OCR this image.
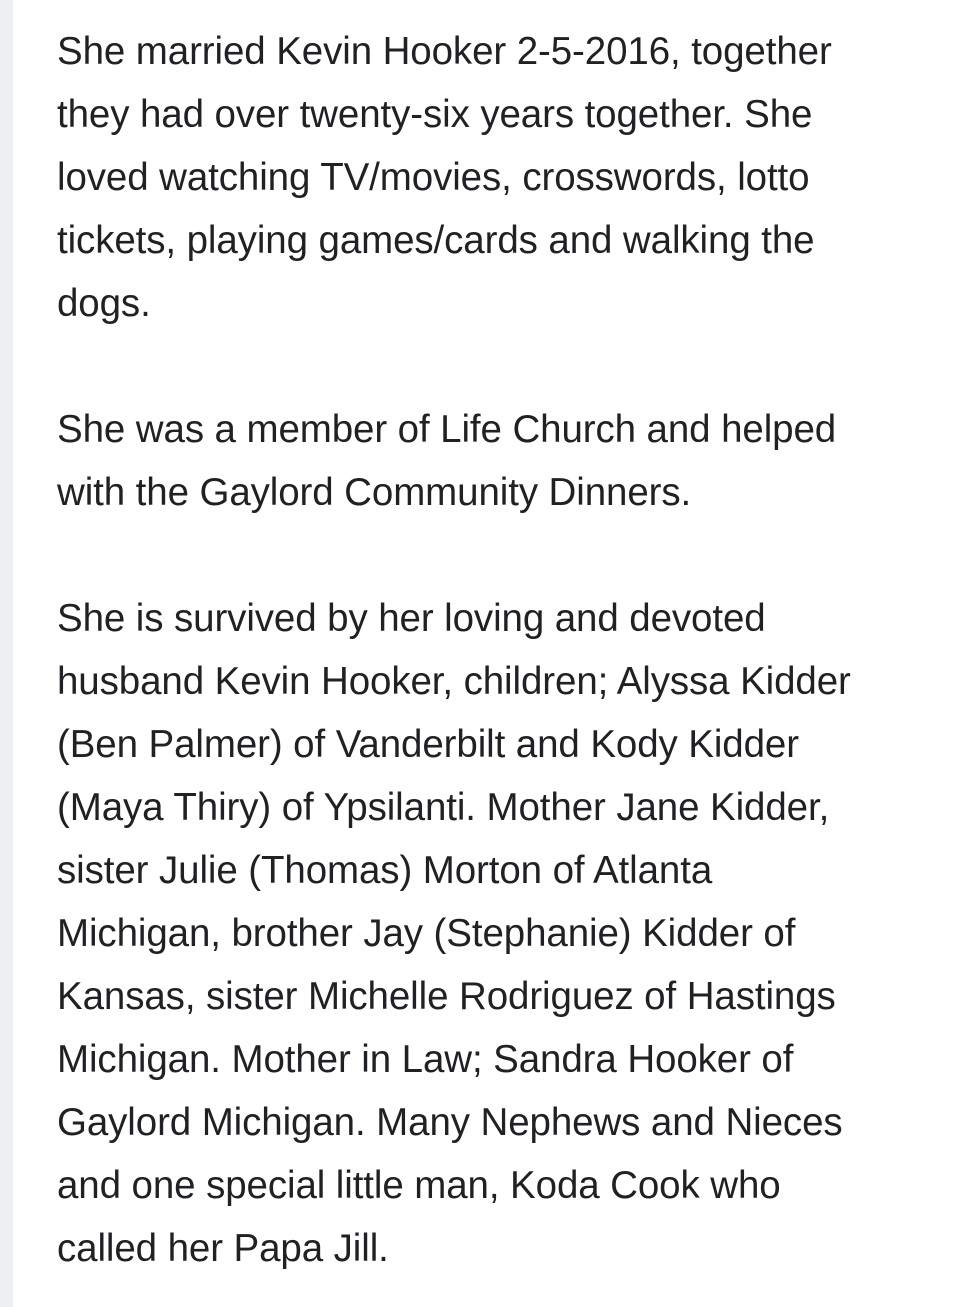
She married Kevin Hooker 2-5-2016, together
they had over twenty-six years together. She
loved watching TV/movies, crosswords, lotto
tickets, playing games/cards and walking the
dogs.

She was a member of Life Church and helped
with the Gaylord Community Dinners.

She is survived by her loving and devoted
husband Kevin Hooker, children; Alyssa Kidder
(Ben Palmer) of Vanderbilt and Kody Kidder
(Maya Thiry) of Ypsilanti. Mother Jane Kidder,
sister Julie (Thomas) Morton of Atlanta
Michigan, brother Jay (Stephanie) Kidder of
Kansas, sister Michelle Rodriguez of Hastings
Michigan. Mother in Law; Sandra Hooker of
Gaylord Michigan. Many Nephews and Nieces
and one special little man, Koda Cook who
called her Papa Jill.
